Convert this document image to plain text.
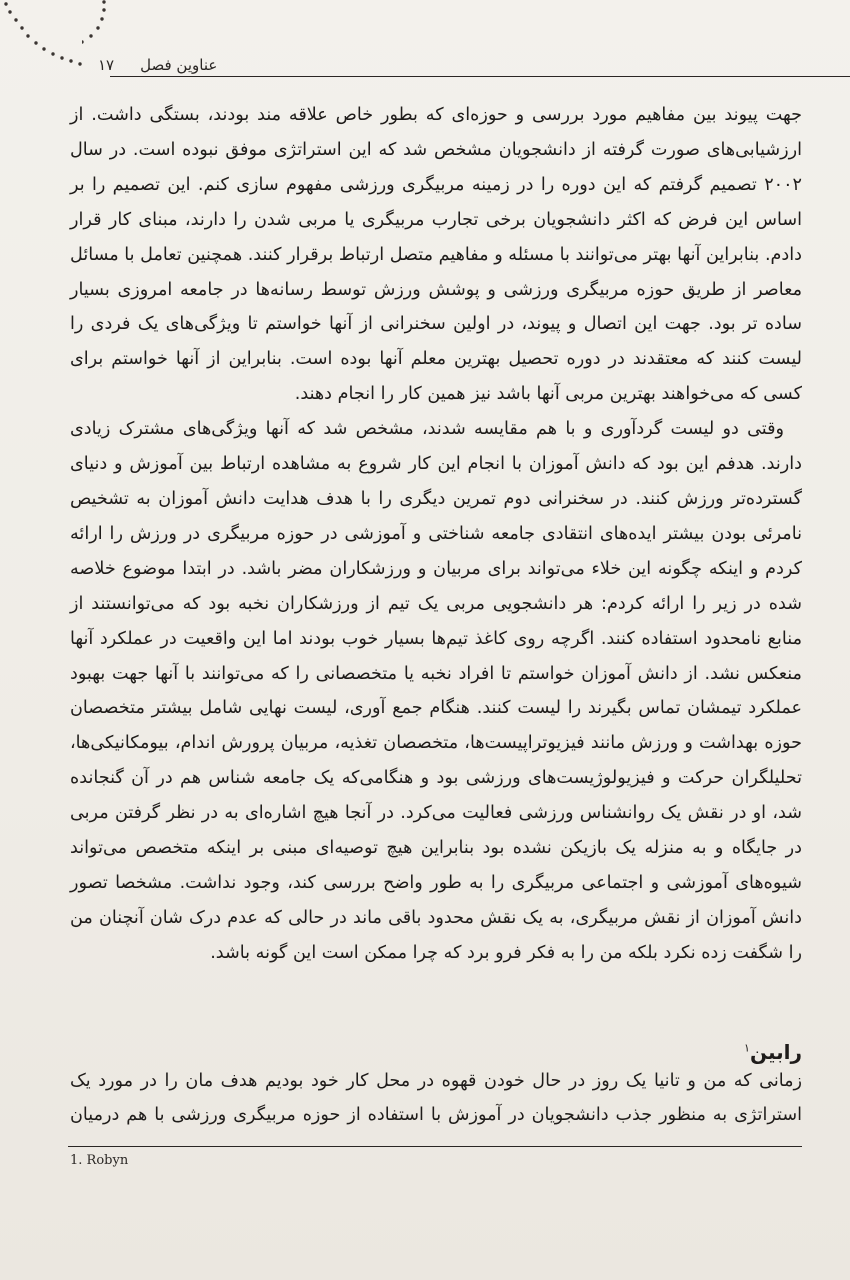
عناوین فصل
۱۷

جهت پیوند بین مفاهیم مورد بررسی و حوزه‌ای که بطور خاص علاقه مند بودند، بستگی داشت. از ارزشیابی‌های صورت گرفته از دانشجویان مشخص شد که این استراتژی موفق نبوده است. در سال ۲۰۰۲ تصمیم گرفتم که این دوره را در زمینه مربیگری ورزشی مفهوم سازی کنم. این تصمیم را بر اساس این فرض که اکثر دانشجویان برخی تجارب مربیگری یا مربی شدن را دارند، مبنای کار قرار دادم. بنابراین آنها بهتر می‌توانند با مسئله و مفاهیم متصل ارتباط برقرار کنند. همچنین تعامل با مسائل معاصر از طریق حوزه مربیگری ورزشی و پوشش ورزش توسط رسانه‌ها در جامعه امروزی بسیار ساده تر بود. جهت این اتصال و پیوند، در اولین سخنرانی از آنها خواستم تا ویژگی‌های یک فردی را لیست کنند که معتقدند در دوره تحصیل بهترین معلم آنها بوده است. بنابراین از آنها خواستم برای کسی که می‌خواهند بهترین مربی آنها باشد نیز همین کار را انجام دهند.

وقتی دو لیست گردآوری و با هم مقایسه شدند، مشخص شد که آنها ویژگی‌های مشترک زیادی دارند. هدفم این بود که دانش آموزان با انجام این کار شروع به مشاهده ارتباط بین آموزش و دنیای گسترده‌تر ورزش کنند. در سخنرانی دوم تمرین دیگری را با هدف هدایت دانش آموزان به تشخیص نامرئی بودن بیشتر ایده‌های انتقادی جامعه شناختی و آموزشی در حوزه مربیگری در ورزش را ارائه کردم و اینکه چگونه این خلاء می‌تواند برای مربیان و ورزشکاران مضر باشد. در ابتدا موضوع خلاصه شده در زیر را ارائه کردم: هر دانشجویی مربی یک تیم از ورزشکاران نخبه بود که می‌توانستند از منابع نامحدود استفاده کنند. اگرچه روی کاغذ تیم‌ها بسیار خوب بودند اما این واقعیت در عملکرد آنها منعکس نشد. از دانش آموزان خواستم تا افراد نخبه یا متخصصانی را که می‌توانند با آنها جهت بهبود عملکرد تیمشان تماس بگیرند را لیست کنند. هنگام جمع آوری، لیست نهایی شامل بیشتر متخصصان حوزه بهداشت و ورزش مانند فیزیوتراپیست‌ها، متخصصان تغذیه، مربیان پرورش اندام، بیومکانیکی‌ها، تحلیلگران حرکت و فیزیولوژیست‌های ورزشی بود و هنگامی‌که یک جامعه شناس هم در آن گنجانده شد، او در نقش یک روانشناس ورزشی فعالیت می‌کرد. در آنجا هیچ اشاره‌ای به در نظر گرفتن مربی در جایگاه و به منزله یک بازیکن نشده بود بنابراین هیچ توصیه‌ای مبنی بر اینکه متخصص می‌تواند شیوه‌های آموزشی و اجتماعی مربیگری را به طور واضح بررسی کند، وجود نداشت. مشخصا تصور دانش آموزان از نقش مربیگری، به یک نقش محدود باقی ماند در حالی که عدم درک شان آنچنان من را شگفت زده نکرد بلکه من را به فکر فرو برد که چرا ممکن است این گونه باشد.

رابین$^۱$

زمانی که من و تانیا یک روز در حال خودن قهوه در محل کار خود بودیم هدف مان را در مورد یک استراتژی به منظور جذب دانشجویان در آموزش با استفاده از حوزه مربیگری ورزشی با هم درمیان

1. Robyn
